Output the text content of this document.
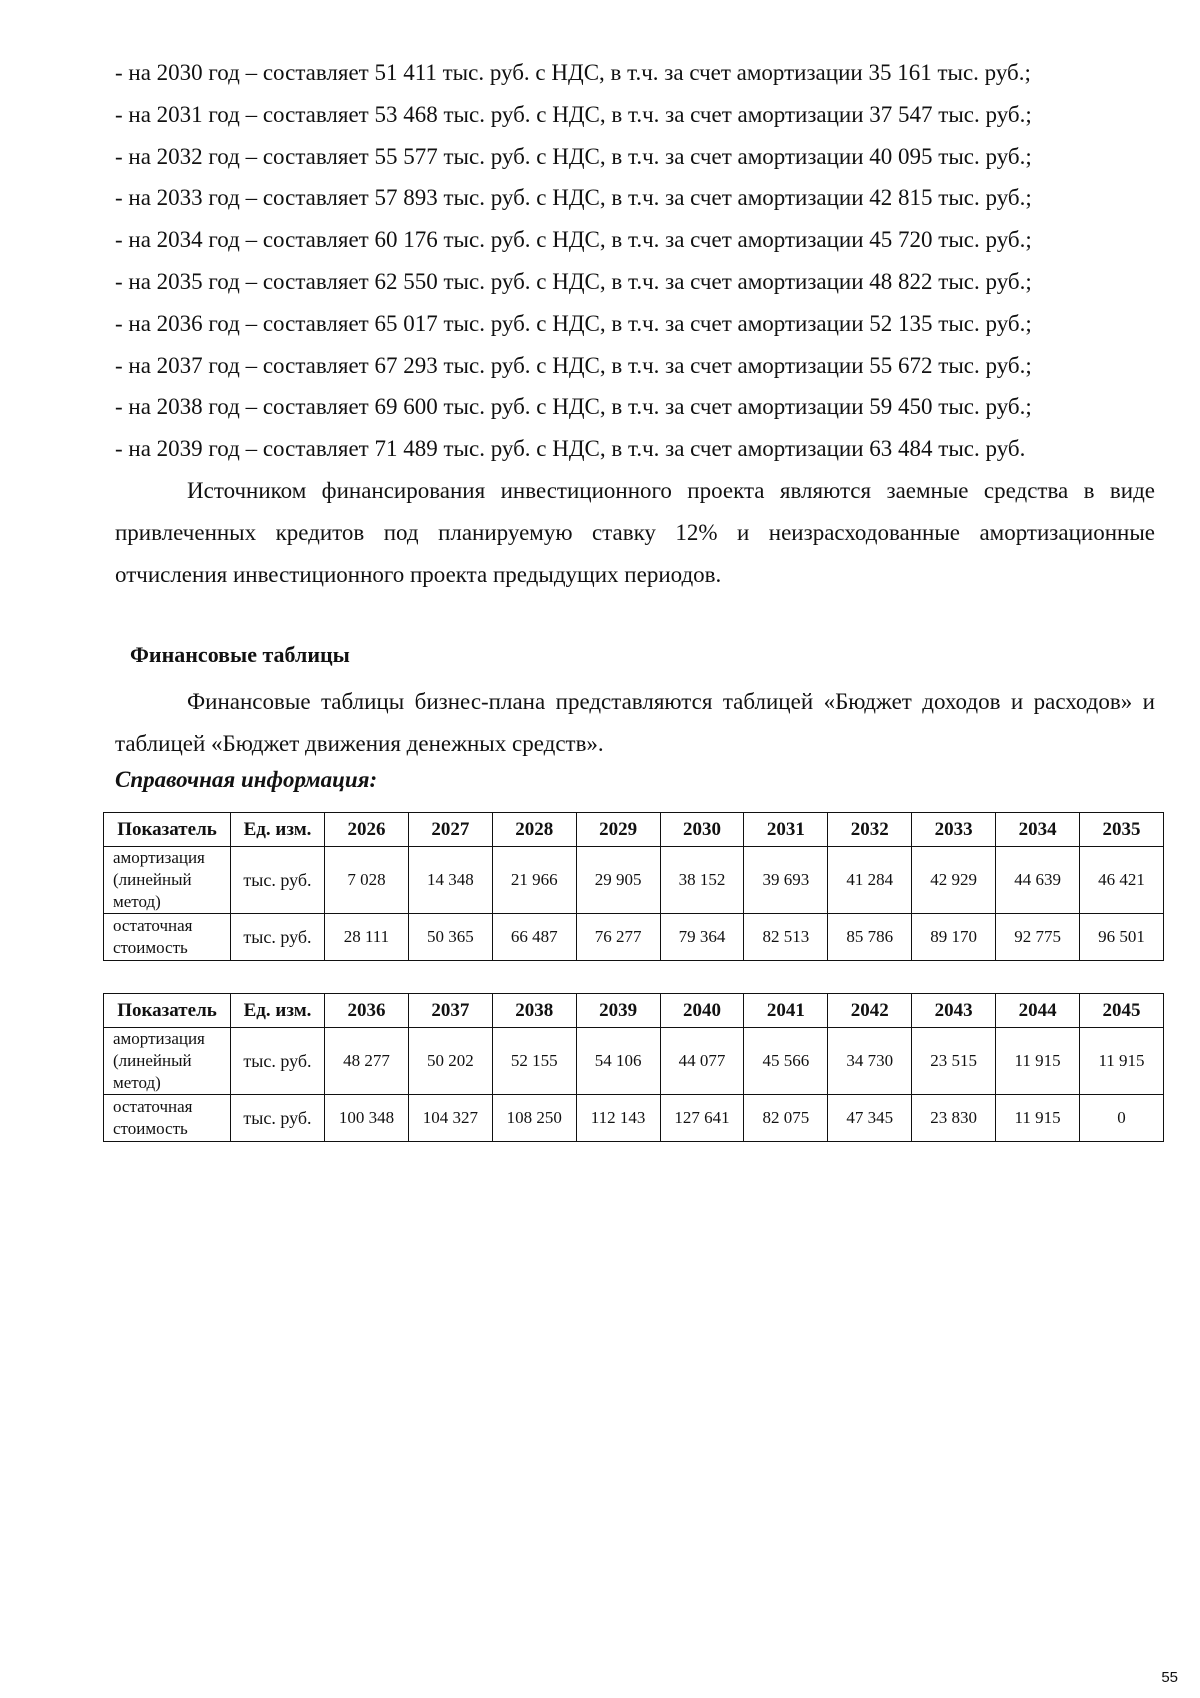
- на 2030 год – составляет 51 411 тыс. руб. с НДС, в т.ч. за счет амортизации 35 161 тыс. руб.;
- на 2031 год – составляет 53 468 тыс. руб. с НДС, в т.ч. за счет амортизации 37 547 тыс. руб.;
- на 2032 год – составляет 55 577 тыс. руб. с НДС, в т.ч. за счет амортизации 40 095 тыс. руб.;
- на 2033 год – составляет 57 893 тыс. руб. с НДС, в т.ч. за счет амортизации 42 815 тыс. руб.;
- на 2034 год – составляет 60 176 тыс. руб. с НДС, в т.ч. за счет амортизации 45 720 тыс. руб.;
- на 2035 год – составляет 62 550 тыс. руб. с НДС, в т.ч. за счет амортизации 48 822 тыс. руб.;
- на 2036 год – составляет 65 017 тыс. руб. с НДС, в т.ч. за счет амортизации 52 135 тыс. руб.;
- на 2037 год – составляет 67 293 тыс. руб. с НДС, в т.ч. за счет амортизации 55 672 тыс. руб.;
- на 2038 год – составляет 69 600 тыс. руб. с НДС, в т.ч. за счет амортизации 59 450 тыс. руб.;
- на 2039 год – составляет 71 489 тыс. руб. с НДС, в т.ч. за счет амортизации 63 484 тыс. руб.

Источником финансирования инвестиционного проекта являются заемные средства в виде привлеченных кредитов под планируемую ставку 12% и неизрасходованные амортизационные отчисления инвестиционного проекта предыдущих периодов.

Финансовые таблицы

Финансовые таблицы бизнес-плана представляются таблицей «Бюджет доходов и расходов» и таблицей «Бюджет движения денежных средств».

Справочная информация:
Показатель	Ед. изм.	2026	2027	2028	2029	2030	2031	2032	2033	2034	2035
амортизация (линейный метод)	тыс. руб.	7 028	14 348	21 966	29 905	38 152	39 693	41 284	42 929	44 639	46 421
остаточная стоимость	тыс. руб.	28 111	50 365	66 487	76 277	79 364	82 513	85 786	89 170	92 775	96 501
Показатель	Ед. изм.	2036	2037	2038	2039	2040	2041	2042	2043	2044	2045
амортизация (линейный метод)	тыс. руб.	48 277	50 202	52 155	54 106	44 077	45 566	34 730	23 515	11 915	11 915
остаточная стоимость	тыс. руб.	100 348	104 327	108 250	112 143	127 641	82 075	47 345	23 830	11 915	0
55
